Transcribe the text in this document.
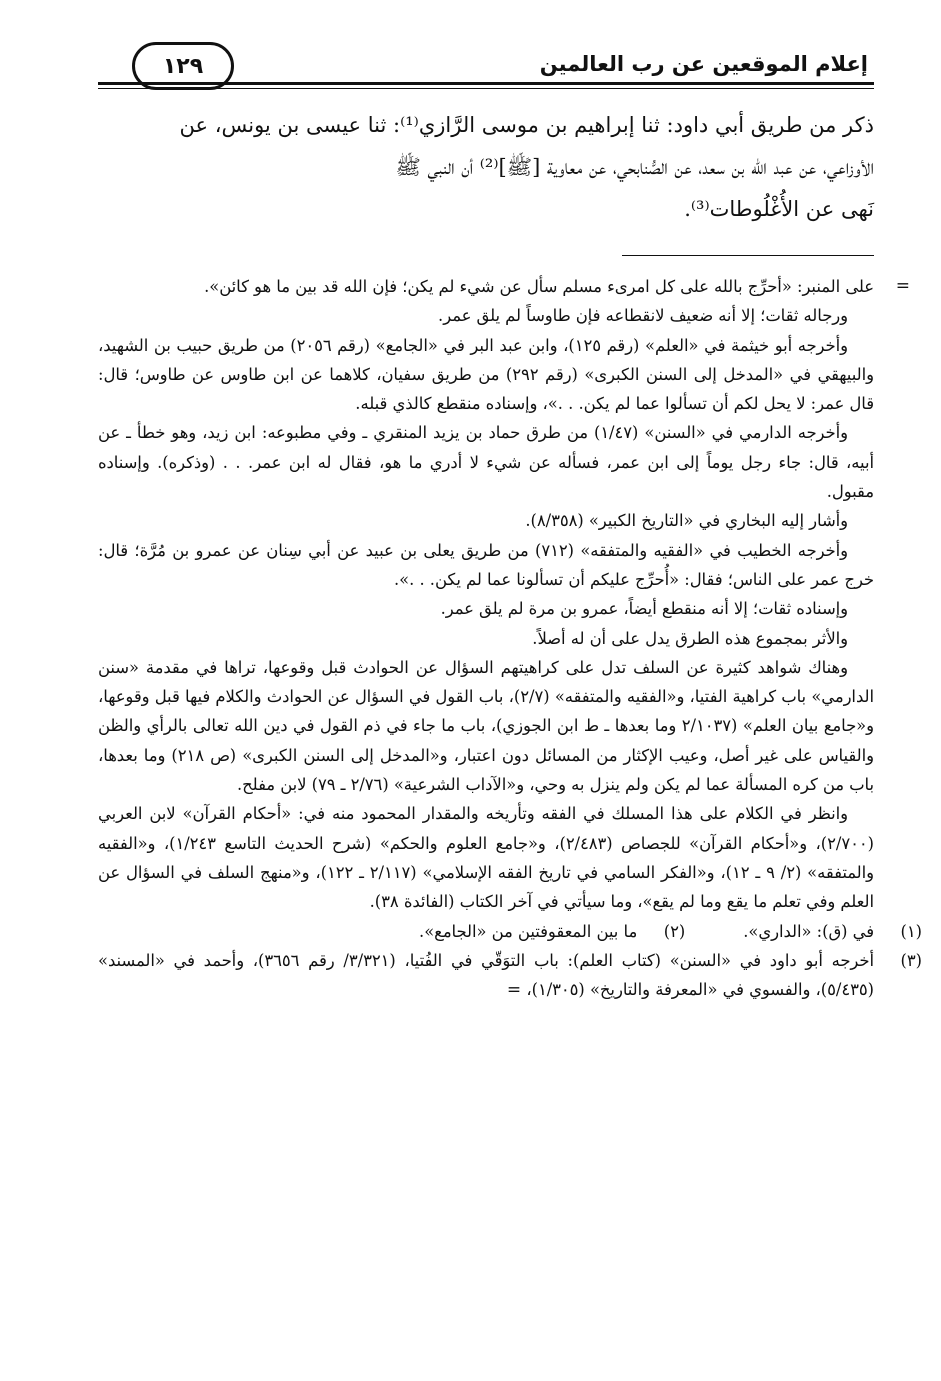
إعلام الموقعين عن رب العالمين
١٢٩

ذكر من طريق أبي داود: ثنا إبراهيم بن موسى الرَّازي⁽¹⁾: ثنا عيسى بن يونس، عن

الأوزاعي، عن عبد الله بن سعد، عن الصُّنابحي، عن معاوية [ﷺ]⁽²⁾ أن النبي ﷺ

نَهى عن الأُغْلُوطات⁽³⁾.

=
على المنبر: «أحرِّج بالله على كل امرىء مسلم سأل عن شيء لم يكن؛ فإن الله قد بين ما هو كائن».

ورجاله ثقات؛ إلا أنه ضعيف لانقطاعه فإن طاوساً لم يلق عمر.

وأخرجه أبو خيثمة في «العلم» (رقم ١٢٥)، وابن عبد البر في «الجامع» (رقم ٢٠٥٦) من طريق حبيب بن الشهيد، والبيهقي في «المدخل إلى السنن الكبرى» (رقم ٢٩٢) من طريق سفيان، كلاهما عن ابن طاوس عن طاوس؛ قال: قال عمر: لا يحل لكم أن تسألوا عما لم يكن. . .»، وإسناده منقطع كالذي قبله.

وأخرجه الدارمي في «السنن» (١/٤٧) من طرق حماد بن يزيد المنقري ـ وفي مطبوعه: ابن زيد، وهو خطأ ـ عن أبيه، قال: جاء رجل يوماً إلى ابن عمر، فسأله عن شيء لا أدري ما هو، فقال له ابن عمر. . . (وذكره). وإسناده مقبول.

وأشار إليه البخاري في «التاريخ الكبير» (٨/٣٥٨).

وأخرجه الخطيب في «الفقيه والمتفقه» (٧١٢) من طريق يعلى بن عبيد عن أبي سِنان عن عمرو بن مُرَّة؛ قال: خرج عمر على الناس؛ فقال: «أُحرِّج عليكم أن تسألونا عما لم يكن. . .».

وإسناده ثقات؛ إلا أنه منقطع أيضاً، عمرو بن مرة لم يلق عمر.

والأثر بمجموع هذه الطرق يدل على أن له أصلاً.

وهناك شواهد كثيرة عن السلف تدل على كراهيتهم السؤال عن الحوادث قبل وقوعها، تراها في مقدمة «سنن الدارمي» باب كراهية الفتيا، و«الفقيه والمتفقه» (٢/٧)، باب القول في السؤال عن الحوادث والكلام فيها قبل وقوعها، و«جامع بيان العلم» (٢/١٠٣٧ وما بعدها ـ ط ابن الجوزي)، باب ما جاء في ذم القول في دين الله تعالى بالرأي والظن والقياس على غير أصل، وعيب الإكثار من المسائل دون اعتبار، و«المدخل إلى السنن الكبرى» (ص ٢١٨) وما بعدها، باب من كره المسألة عما لم يكن ولم ينزل به وحي، و«الآداب الشرعية» (٢/٧٦ ـ ٧٩) لابن مفلح.

وانظر في الكلام على هذا المسلك في الفقه وتأريخه والمقدار المحمود منه في: «أحكام القرآن» لابن العربي (٢/٧٠٠)، و«أحكام القرآن» للجصاص (٢/٤٨٣)، و«جامع العلوم والحكم» (شرح الحديث التاسع ١/٢٤٣)، و«الفقيه والمتفقه» (٢/ ٩ ـ ١٢)، و«الفكر السامي في تاريخ الفقه الإسلامي» (٢/١١٧ ـ ١٢٢)، و«منهج السلف في السؤال عن العلم وفي تعلم ما يقع وما لم يقع»، وما سيأتي في آخر الكتاب (الفائدة ٣٨).

(١)
في (ق): «الداري».
(٢)
ما بين المعقوفتين من «الجامع».
(٣)
أخرجه أبو داود في «السنن» (كتاب العلم): باب التوَقّي في الفُتيا، (٣/٣٢١/ رقم ٣٦٥٦)، وأحمد في «المسند» (٥/٤٣٥)، والفسوي في «المعرفة والتاريخ» (١/٣٠٥)، =
